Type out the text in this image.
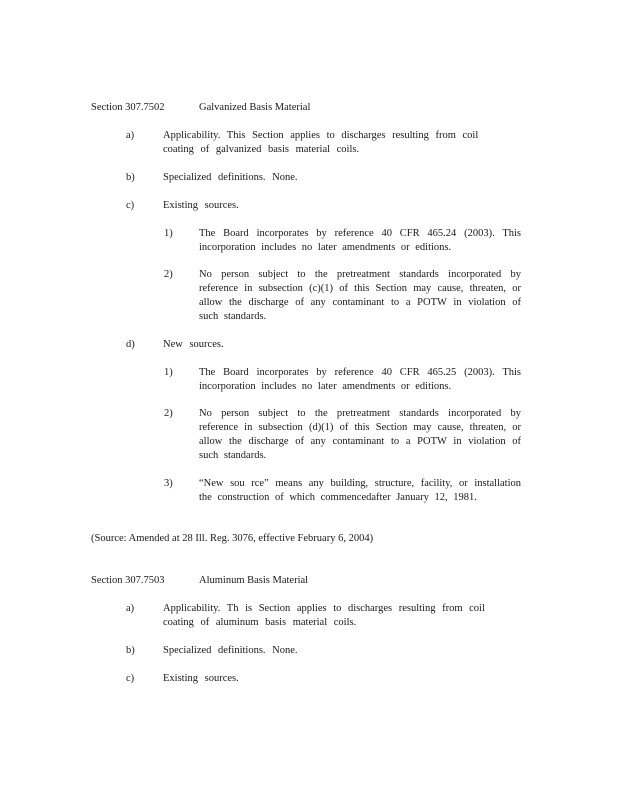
Section 307.7502	Galvanized Basis Material
a)	Applicability. This Section applies to discharges resulting from coil coating of galvanized basis material coils.
b)	Specialized definitions. None.
c)	Existing sources.
1)	The Board incorporates by reference 40 CFR 465.24 (2003). This incorporation includes no later amendments or editions.
2)	No person subject to the pretreatment standards incorporated by reference in subsection (c)(1) of this Section may cause, threaten, or allow the discharge of any contaminant to a POTW in violation of such standards.
d)	New sources.
1)	The Board incorporates by reference 40 CFR 465.25 (2003). This incorporation includes no later amendments or editions.
2)	No person subject to the pretreatment standards incorporated by reference in subsection (d)(1) of this Section may cause, threaten, or allow the discharge of any contaminant to a POTW in violation of such standards.
3)	“New sou rce” means any building, structure, facility, or installation the construction of which commencedafter January 12, 1981.
(Source: Amended at 28 Ill. Reg. 3076, effective February 6, 2004)
Section 307.7503	Aluminum Basis Material
a)	Applicability. Th is Section applies to discharges resulting from coil coating of aluminum basis material coils.
b)	Specialized definitions. None.
c)	Existing sources.
